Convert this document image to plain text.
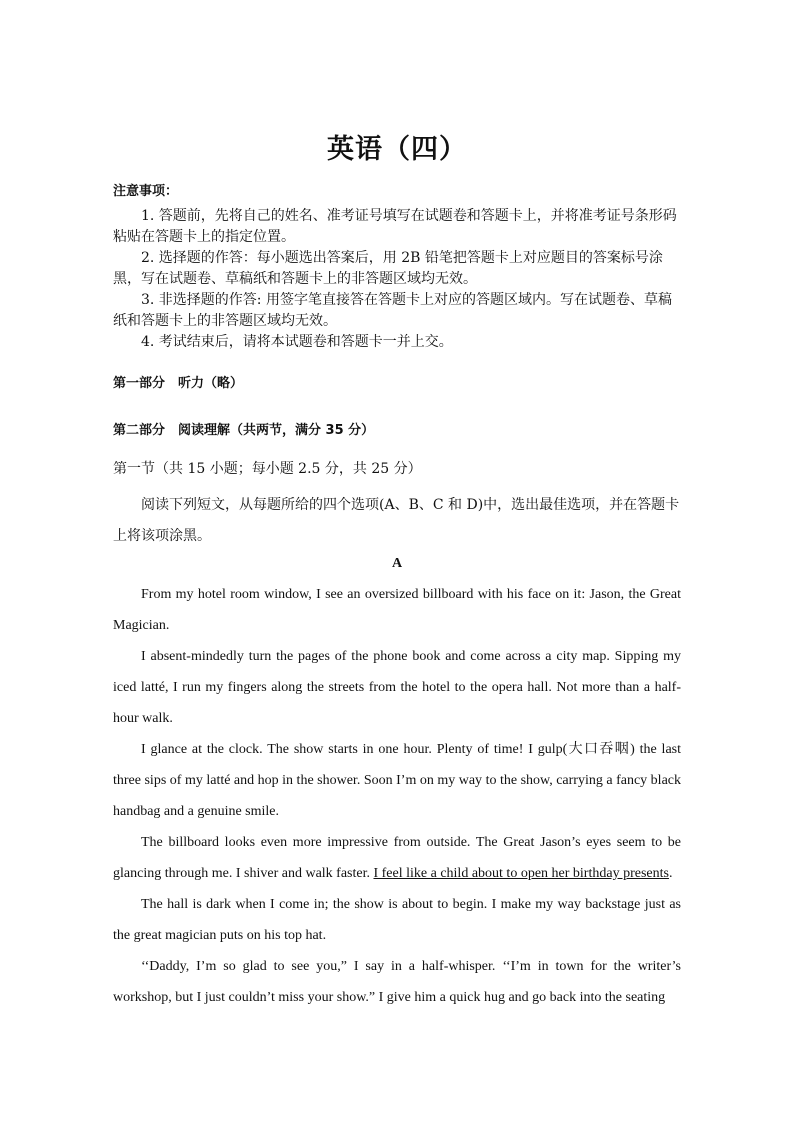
英语（四）
注意事项：
1. 答题前，先将自己的姓名、准考证号填写在试题卷和答题卡上，并将准考证号条形码粘贴在答题卡上的指定位置。
2. 选择题的作答：每小题选出答案后，用 2B 铅笔把答题卡上对应题目的答案标号涂黑，写在试题卷、草稿纸和答题卡上的非答题区域均无效。
3. 非选择题的作答: 用签字笔直接答在答题卡上对应的答题区域内。写在试题卷、草稿纸和答题卡上的非答题区域均无效。
4. 考试结束后，请将本试题卷和答题卡一并上交。
第一部分　听力（略）
第二部分　阅读理解（共两节，满分 35 分）
第一节（共 15 小题；每小题 2.5 分，共 25 分）
阅读下列短文，从每题所给的四个选项(A、B、C 和 D)中，选出最佳选项，并在答题卡上将该项涂黑。

A

From my hotel room window, I see an oversized billboard with his face on it: Jason, the Great Magician.

I absent-mindedly turn the pages of the phone book and come across a city map. Sipping my iced latté, I run my fingers along the streets from the hotel to the opera hall. Not more than a half-hour walk.

I glance at the clock. The show starts in one hour. Plenty of time! I gulp(大口吞咽) the last three sips of my latté and hop in the shower. Soon I’m on my way to the show, carrying a fancy black handbag and a genuine smile.

The billboard looks even more impressive from outside. The Great Jason’s eyes seem to be glancing through me. I shiver and walk faster. I feel like a child about to open her birthday presents.

The hall is dark when I come in; the show is about to begin. I make my way backstage just as the great magician puts on his top hat.

‘‘Daddy, I’m so glad to see you,” I say in a half-whisper. ‘‘I’m in town for the writer’s workshop, but I just couldn’t miss your show.” I give him a quick hug and go back into the seating
